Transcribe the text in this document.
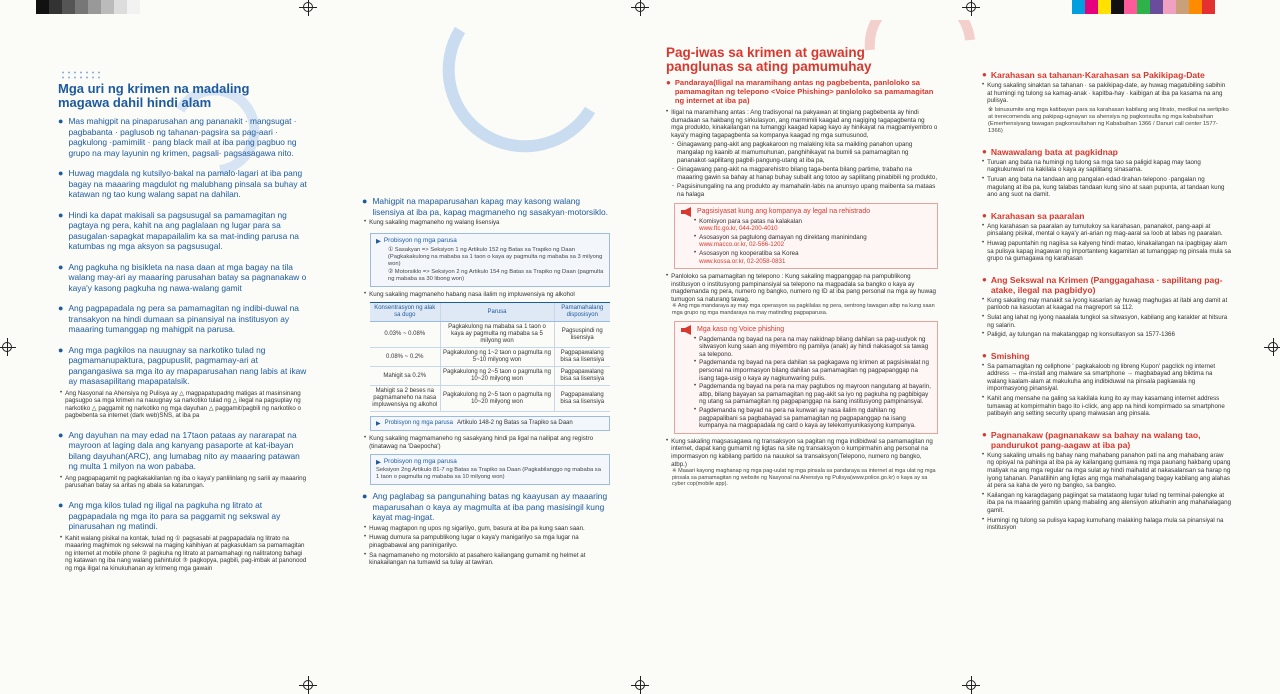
Mga uri ng krimen na madaling magawa dahil hindi alam
● Mas mahigpit na pinaparusahan ang pananakit · mangsugat · pagbabanta · paglusob ng tahanan·pagsira sa pag-aari · pagkulong ·pamimilit · pang black mail at iba pang pagbuo ng grupo na may layunin ng krimen, pagsali· pagsasagawa nito.
● Huwag magdala ng kutsilyo·bakal na pamalo·lagari at iba pang bagay na maaaring magdulot ng malubhang pinsala sa buhay at katawan ng tao kung walang sapat na dahilan.
● Hindi ka dapat makisali sa pagsusugal sa pamamagitan ng pagtaya ng pera, kahit na ang paglalaan ng lugar para sa pasugalan·sapagkat mapapailalim ka sa mat-inding parusa na katumbas ng mga aksyon sa pagsusugal.
● Ang pagkuha ng bisikleta na nasa daan at mga bagay na tila walang may-ari ay maaaring parusahan batay sa pagnanakaw o kaya'y kasong pagkuha ng nawa-walang gamit
● Ang pagpapadala ng pera sa pamamagitan ng indibi-duwal na transakyon na hindi dumaan sa pinansiyal na institusyon ay maaaring tumanggap ng mahigpit na parusa.
● Ang mga pagkilos na nauugnay sa narkotiko tulad ng pagmamanupaktura, pagpupuslit, pagmamay-ari at pangangasiwa sa mga ito ay mapaparusahan nang labis at ikaw ay masasapilitang mapapatalsik.
• Ang Nasyonal na Ahensiya ng Pulisya ay △ magpapatupadng matigas at masinsinang pagsugpo sa mga krimen na nauugnay sa narkotiko tulad ng △ ilegal na pagsuplay ng narkotiko △ paggamit ng narkotiko ng mga dayuhan △ paggamit/pagbili ng narkotiko o pagbebenta sa internet (dark web)SNS, at iba pa
● Ang dayuhan na may edad na 17taon pataas ay nararapat na mayroon at laging dala ang kanyang pasaporte at kat-ibayan bilang dayuhan(ARC), ang lumabag nito ay maaaring patawan ng multa 1 milyon na won pababa.
• Ang pagpapagamit ng pagkakakilanlan ng iba o kaya'y panlilinlang ng sarili ay maaaring parusahan batay sa aritas ng abala sa katarungan.
● Ang mga kilos tulad ng iligal na pagkuha ng litrato at pagpapadala ng mga ito para sa paggamit ng sekswal ay pinarusahan ng matindi.
• Kahit walang pisikal na kontak, tulad ng ① pagsasabi at pagpapadala ng litrato na maaaring maghimok ng sekswal na maging kahihiyan at pagkasuklam sa pamamagitan ng internet at mobile phone ② pagkuha ng litrato at pamamahagi ng nalitratong bahagi ng katawan ng iba nang walang pahintulot ③ pagkopya, pagbili, pag-imbak at panonood ng mga iligal na kinukuhanan ay krimeng mga gawain
● Mahigpit na mapaparusahan kapag may kasong walang lisensiya at iba pa, kapag magmaneho ng sasakyan·motorsiklo.
• Kung sakaling magmaneho ng walang lisensiya
▶ Probisyon ng mga parusa
① Sasakyan => Seksiyon 1 ng Artikulo 152 ng Batas sa Trapiko ng Daan (Pagkakakulong na mababa sa 1 taon o kaya ay pagmulta ng mababa sa 3 milyong won)
② Motorsiklo => Seksiyon 2 ng Artikulo 154 ng Batas sa Trapiko ng Daan (pagmulta ng mababa sa 30 libong won)
• Kung sakaling magmaneho habang nasa ilalim ng impluwensiya ng alkohol
Konsentrasyon ng alak sa dugo	Parusa	Pamamahalang disposisyon
0.03% ~ 0.08%	Pagkakulong na mababa sa 1 taon o kaya ay pagmulta ng mababa sa 5 milyong won	Pagsuspindi ng lisensiya
0.08% ~ 0.2%	Pagkakulong ng 1~2 taon o pagmulta ng 5~10 milyong won	Pagpapawalang bisa sa lisensiya
Mahigit sa 0.2%	Pagkakulong ng 2~5 taon o pagmulta ng 10~20 milyong won	Pagpapawalang bisa sa lisensiya
Mahigit sa 2 beses na pagmamaneho na nasa impluwensiya ng alkohol	Pagkakulong ng 2~5 taon o pagmulta ng 10~20 milyong won	Pagpapawalang bisa sa lisensiya
▶ Probisyon ng mga parusa Artikulo 148-2 ng Batas sa Trapiko sa Daan
• Kung sakaling magmamaneho ng sasakyang hindi pa ligal na nailipat ang registro (tinatawag na 'Daepocha')
▶ Probisyon ng mga parusa
Seksiyon 2ng Artikulo 81-7 ng Batas sa Trapiko sa Daan (Pagkabilanggo ng mababa sa 1 taon o pagmulta ng mababa sa 10 milyong won)
● Ang paglabag sa pangunahing batas ng kaayusan ay maaaring maparusahan o kaya ay magmulta at iba pang masisingil kung kayat mag-ingat.
• Huwag magtapon ng upos ng sigarilyo, gum, basura at iba pa kung saan saan.
• Huwag dumura sa pampublikong lugar o kaya'y manigarilyo sa mga lugar na pinagbabawal ang paninigarilyo.
• Sa nagmamaneho ng motorsiklo at pasahero kailangang gumamit ng helmet at kinakailangan na tumawid sa tulay at tawiran.
Pag-iwas sa krimen at gawaing panglunas sa ating pamumuhay
● Pandaraya(Iligal na maramihang antas ng pagbebenta, panloloko sa pamamagitan ng telepono <Voice Phishing> panloloko sa pamamagitan ng internet at iba pa)
• Iligal na maramihang antas : Ang tradisyonal na pakyawan at tingiang pagbebenta ay hindi dumadaan sa hakbang ng sirkulasyon, ang marmimili kaagad ang nagiging tagapagbenta ng mga produkto, kinakailangan na tumanggi kaagad kapag kayo ay hinikayat na magpamiyembro o kaya'y maging tagapagbenta sa kompanya kaagad ng mga sumusunod,
- Ginagawang pang-akit ang pagkakaroon ng malaking kita sa maikling panahon upang mangalap ng kaanib at mamumuhunan, panghihikayat na bumili sa pamamagitan ng pananakot·sapilitang pagbili·pangung-utang at iba pa,
- Ginagawang pang-akit na magparehistro bilang taga-benta bilang partime, trabaho na maaaring gawin sa bahay at hanap buhay subalit ang totoo ay sapilitang pinabibili ng produkto,
- Pagsisinungaling na ang produkto ay mamahalin·labis na anunsyo upang maibenta sa mataas na halaga
Pagsisiyasat kung ang kompanya ay legal na rehistrado
• Komisyon para sa patas na kalakalan
www.ftc.go.kr, 044-200-4010
• Asosasyon sa pagtulong damayan ng direktang maninindang
www.macco.or.kr, 02-566-1202
• Asosasyon ng kooperatiba sa Korea
www.kossa.or.kr, 02-2058-0831
• Panloloko sa pamamagitan ng telepono : Kung sakaling magpanggap na pampublikong institusyon o institusyong pampinansiyal sa telepono na magpadala sa bangko o kaya ay magdemanda ng pera, numero ng bangko, numero ng ID at iba pang personal na mga ay huwag tumugon sa naturang tawag.
※ Ang mga mandaraya ay may mga operasyon sa pagkilalas ng pera, sentrong tawagan atbp na kung saan mga grupo ng mga mandaraya na may matinding pagpaparusa.
Mga kaso ng Voice phishing
• Pagdemanda ng bayad na pera na may nakidnap bilang dahilan sa pag-uudyok ng sitwasyon kung saan ang miyembro ng pamilya (anak) ay hindi nakasagot sa tawag sa telepono.
• Pagdemanda ng bayad na pera dahilan sa pagkagawa ng krimen at pagsisiwalat ng personal na impormasyon bilang dahilan sa pamamagitan ng pagpapanggap na isang taga-usig o kaya ay nagkunwaring pulis.
• Pagdemanda ng bayad na pera na may pagtubos ng mayroon nangutang at bayarin, atbp, bilang bayayan sa pamamagitan ng pag-akit sa iyo ng pagkuha ng pagbibigay ng utang sa pamamagitan ng pagpapanggap na isang institusyong pampinansyal.
• Pagdemanda ng bayad na pera na kunwari ay nasa ilalim ng dahilan ng pagpapalibani sa pagbabayad sa pamamagitan ng pagpapanggap na isang kumpanya na magpapadala ng card o kaya ay telekomyunikasyong kumpanya.
• Kung sakaling magsasagawa ng transaksyon sa pagitan ng mga indibidwal sa pamamagitan ng internet, dapat kang gumamit ng ligtas na site ng transaksyon o kumpirmahin ang personal na impormasyon ng kabilang partido na nauukol sa transaksyon(Telepono, numero ng bangko, atbp.)
※ Maaari kayong maghanap ng mga pag-uulat ng mga pinsala sa pandaraya sa internet at mga ulat ng mga pinsala sa pamamagitan ng website ng Nasyonal na Ahensiya ng Pulisya(www.police.go.kr) o kaya ay sa cyber cop(mobile app).
● Karahasan sa tahanan·Karahasan sa Pakikipag-Date
• Kung sakaling sinaktan sa tahanan · sa pakikipag-date, ay huwag magatubiling sabihin at humingi ng tulong sa kamag-anak · kapitba-hay · kaibigan at iba pa kasama na ang pulisya.
※ Isinusumite ang mga katibayan para sa karahasan kabilang ang litrato, medikal na sertipiko at irerecomenda ang pakipag-ugnayan sa ahensiya ng pagkonsulta ng mga kababaihan (Emerhensiyang tawagan pagkonsultahan ng Kababaihan 1366 / Danuri call center 1577-1366)
● Nawawalang bata at pagkidnap
• Turuan ang bata na humingi ng tulong sa mga tao sa paligid kapag may taong nagkukunwari na kakilala o kaya ay sapilitang sinasama.
• Turuan ang bata na tandaan ang pangalan·edad·tirahan·telepono ·pangalan ng magulang at iba pa, kung talabas tandaan kung sino at saan pupunta, at tandaan kung ano ang suot na damit.
● Karahasan sa paaralan
• Ang karahasan sa paaralan ay tumutukoy sa karahasan, pananakot, pang-aapi at pinsalang pisikal, mental o kaya'y ari-arian ng mag-aaral sa loob at labas ng paaralan.
• Huwag papuntahin ng nagiisa sa kalyeng hindi matao, kinakailangan na ipagbigay alam sa pulisya kapag inagawan ng importanteng kagamitan at tumanggap ng pinsala mula sa grupo na gumagawa ng karahasan
● Ang Sekswal na Krimen (Panggagahasa · sapilitang pag-atake, ilegal na pagbidyo)
• Kung sakaling may manakit sa iyong kasarian ay huwag maghugas at itabi ang damit at panloob na kasuotan at kaagad na magreport sa 112.
• Sulat ang lahat ng iyong naaalala tungkol sa sitwasyon, kabilang ang karakter at hitsura ng salarin.
• Paligid, ay tulungan na makatanggap ng konsultasyon sa 1577-1366
● Smishing
• Sa pamamagitan ng cellphone ' pagkakaloob ng libreng Kupon' pagclick ng internet address → ma-install ang malware sa smartphone → magbabayad ang biktima na walang kaalam-alam at makukuha ang indibiduwal na pinsala pagkawala ng impormasyong pinansiyal.
• Kahit ang mensahe na galing sa kakilala kung ito ay may kasamang internet address tumawag at kompirmahin bago ito i-click, ang app na hindi kompirmado sa smartphone patibayin ang setting security upang maiwasan ang pinsala.
● Pagnanakaw (pagnanakaw sa bahay na walang tao, pandurukot pang-aagaw at iba pa)
• Kung sakaling umalis ng bahay nang mahabang panahon pati na ang mahabang araw ng opisyal na pahinga at iba pa ay kailangang gumawa ng mga paunang hakbang upang matiyak na ang mga regular na mga sulat ay hindi maihatid at nakasalansan sa harap ng iyong tahanan. Panatilihin ang ligtas ang mga mahahalagang bagay kabilang ang alahas at pera sa kaha de yero ng bangko, sa bangko.
• Kailangan ng karagdagang pagiingat sa matataong lugar tulad ng terminal·palengke at iba pa na maaaring gamitin upang mabaling ang atensiyon atkuhanin ang mahahalagang gamit.
• Humingi ng tulong sa pulisya kapag kumuhang malaking halaga mula sa pinansiyal na institusyon
